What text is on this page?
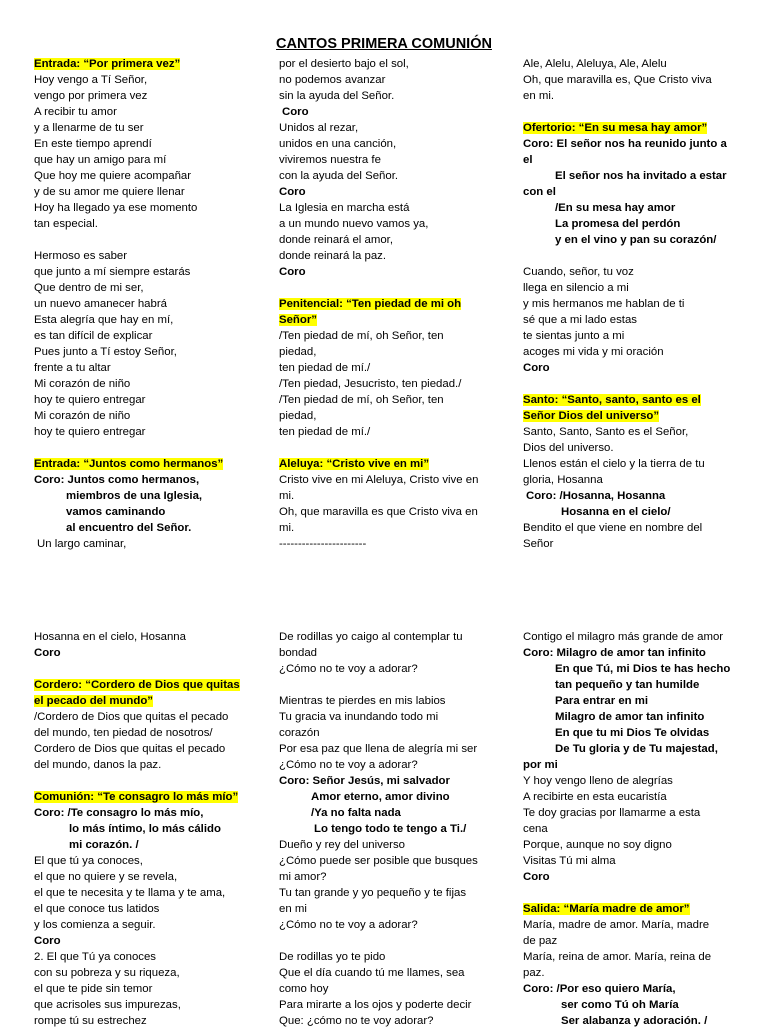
CANTOS PRIMERA COMUNIÓN
Entrada: “Por primera vez”
Hoy vengo a Tí Señor,
vengo por primera vez
A recibir tu amor
y a llenarme de tu ser
En este tiempo aprendí
que hay un amigo para mí
Que hoy me quiere acompañar
y de su amor me quiere llenar
Hoy ha llegado ya ese momento
tan especial.
Hermoso es saber
que junto a mí siempre estarás
Que dentro de mi ser,
un nuevo amanecer habrá
Esta alegría que hay en mí,
es tan difícil de explicar
Pues junto a Tí estoy Señor,
frente a tu altar
Mi corazón de niño
hoy te quiero entregar
Mi corazón de niño
hoy te quiero entregar
Entrada: “Juntos como hermanos”
Coro: Juntos como hermanos,
miembros de una Iglesia,
vamos caminando
al encuentro del Señor.
Un largo caminar,
por el desierto bajo el sol,
no podemos avanzar
sin la ayuda del Señor.
Coro
Unidos al rezar,
unidos en una canción,
viviremos nuestra fe
con la ayuda del Señor.
Coro
La Iglesia en marcha está
a un mundo nuevo vamos ya,
donde reinará el amor,
donde reinará la paz.
Coro
Penitencial: “Ten piedad de mi oh
Señor”
/Ten piedad de mí, oh Señor, ten
piedad,
ten piedad de mí./
/Ten piedad, Jesucristo, ten piedad./
/Ten piedad de mí, oh Señor, ten
piedad,
ten piedad de mí./
Aleluya: “Cristo vive en mi”
Cristo vive en mi Aleluya, Cristo vive en
mi.
Oh, que maravilla es que Cristo viva en
mi.
-----------------------
Ale, Alelu, Aleluya, Ale, Alelu
Oh, que maravilla es, Que Cristo viva
en mi.
Ofertorio: “En su mesa hay amor”
Coro: El señor nos ha reunido junto a
el
El señor nos ha invitado a estar
con el
/En su mesa hay amor
La promesa del perdón
y en el vino y pan su corazón/
Cuando, señor, tu voz
llega en silencio a mi
y mis hermanos me hablan de ti
sé que a mi lado estas
te sientas junto a mi
acoges mi vida y mi oración
Coro
Santo: “Santo, santo, santo es el
Señor Dios del universo”
Santo, Santo, Santo es el Señor,
Dios del universo.
Llenos están el cielo y la tierra de tu
gloria, Hosanna
Coro: /Hosanna, Hosanna
Hosanna en el cielo/
Bendito el que viene en nombre del
Señor
Hosanna en el cielo, Hosanna
Coro
Cordero: “Cordero de Dios que quitas
el pecado del mundo”
/Cordero de Dios que quitas el pecado
del mundo, ten piedad de nosotros/
Cordero de Dios que quitas el pecado
del mundo, danos la paz.
Comunión: “Te consagro lo más mío”
Coro: /Te consagro lo más mío,
lo más íntimo, lo más cálido
mi corazón. /
El que tú ya conoces,
el que no quiere y se revela,
el que te necesita y te llama y te ama,
el que conoce tus latidos
y los comienza a seguir.
Coro
2. El que Tú ya conoces
con su pobreza y su riqueza,
el que te pide sin temor
que acrisoles sus impurezas,
rompe tú su estrechez
De rodillas yo caigo al contemplar tu
bondad
¿Cómo no te voy a adorar?
Mientras te pierdes en mis labios
Tu gracia va inundando todo mi
corazón
Por esa paz que llena de alegría mi ser
¿Cómo no te voy a adorar?
Coro: Señor Jesús, mi salvador
Amor eterno, amor divino
/Ya no falta nada
Lo tengo todo te tengo a Ti./
Dueño y rey del universo
¿Cómo puede ser posible que busques
mi amor?
Tu tan grande y yo pequeño y te fijas
en mi
¿Cómo no te voy a adorar?
De rodillas yo te pido
Que el día cuando tú me llames, sea
como hoy
Para mirarte a los ojos y poderte decir
Que: ¿cómo no te voy adorar?
Contigo el milagro más grande de amor
Coro: Milagro de amor tan infinito
En que Tú, mi Dios te has hecho
tan pequeño y tan humilde
Para entrar en mi
Milagro de amor tan infinito
En que tu mi Dios Te olvidas
De Tu gloria y de Tu majestad,
por mi
Y hoy vengo lleno de alegrías
A recibirte en esta eucaristía
Te doy gracias por llamarme a esta
cena
Porque, aunque no soy digno
Visitas Tú mi alma
Coro
Salida: “María madre de amor”
María, madre de amor. María, madre
de paz
María, reina de amor. María, reina de
paz.
Coro: /Por eso quiero María,
ser como Tú oh María
Ser alabanza y adoración. /
